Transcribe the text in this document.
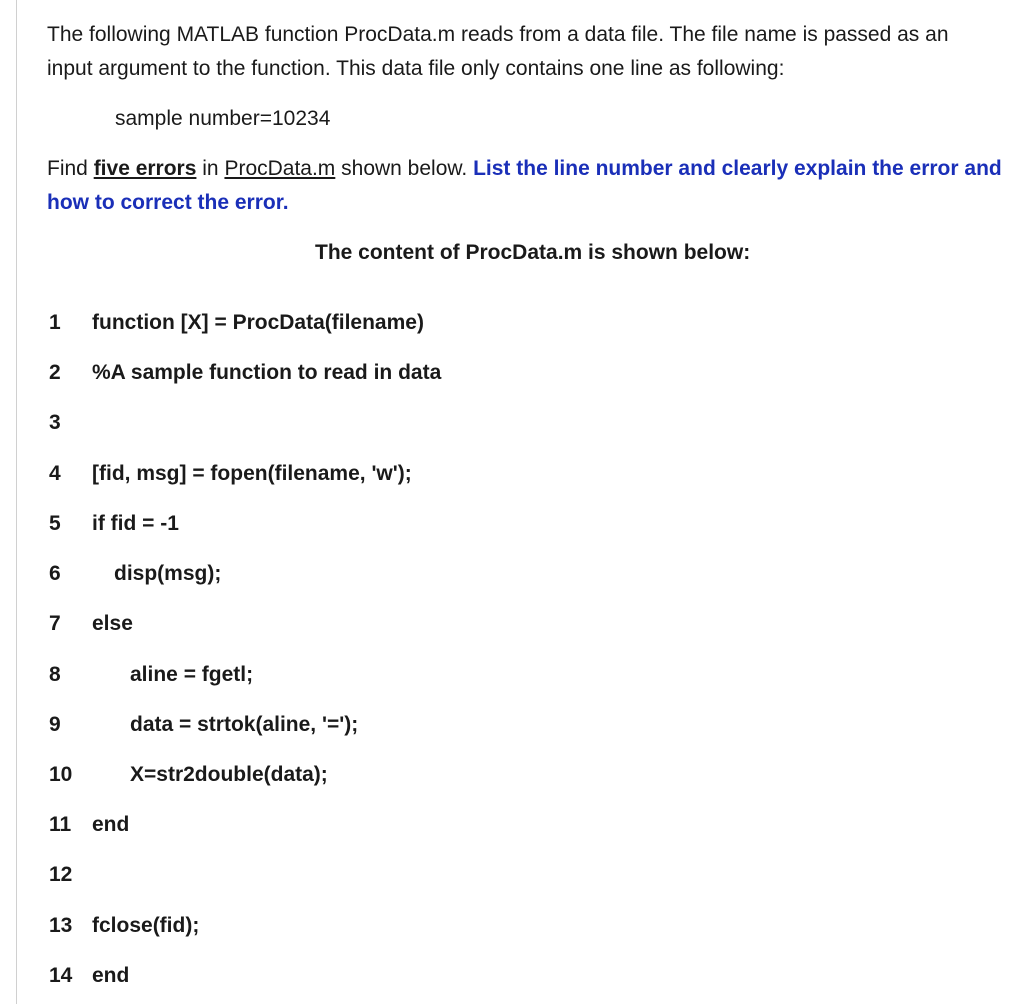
The following MATLAB function ProcData.m reads from a data file. The file name is passed as an
input argument to the function. This data file only contains one line as following:
sample number=10234
Find five errors in ProcData.m shown below. List the line number and clearly explain the error and
how to correct the error.
The content of ProcData.m is shown below:
1	function [X] = ProcData(filename)
2	%A sample function to read in data
3
4	[fid, msg] = fopen(filename, 'w');
5	if fid = -1
6	disp(msg);
7	else
8	aline = fgetl;
9	data = strtok(aline, '=');
10	X=str2double(data);
11 end
12
13 fclose(fid);
14 end
